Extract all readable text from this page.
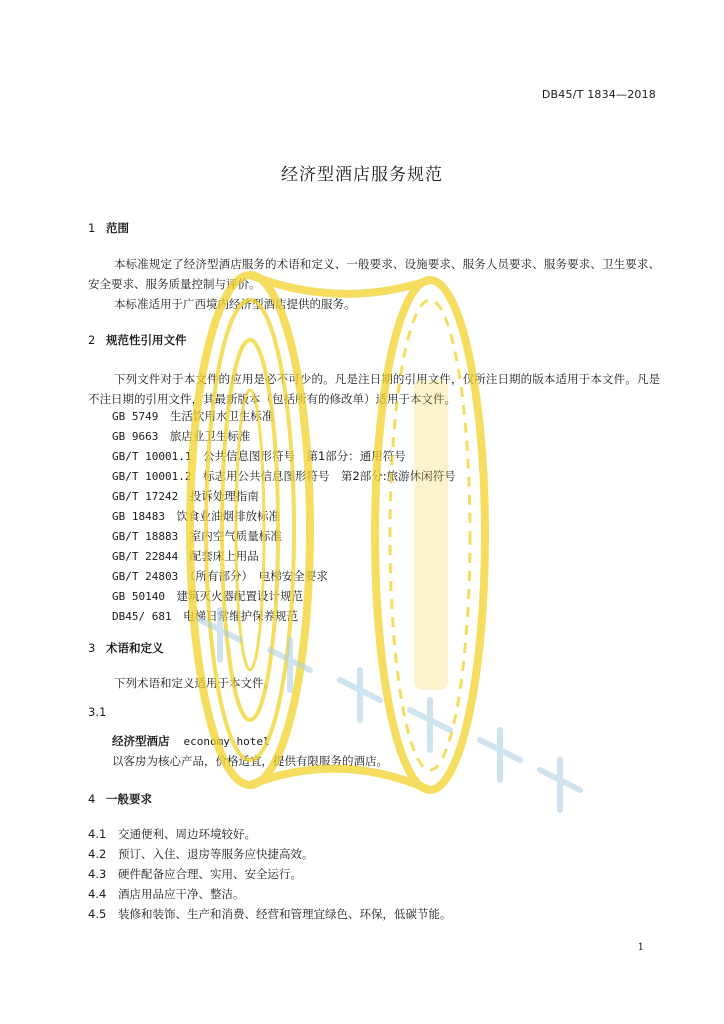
DB45/T 1834—2018
经济型酒店服务规范
1 范围
本标准规定了经济型酒店服务的术语和定义、一般要求、设施要求、服务人员要求、服务要求、卫生要求、安全要求、服务质量控制与评价。
本标准适用于广西境内经济型酒店提供的服务。
2 规范性引用文件
下列文件对于本文件的应用是必不可少的。凡是注日期的引用文件，仅所注日期的版本适用于本文件。凡是不注日期的引用文件，其最新版本（包括所有的修改单）适用于本文件。
GB 5749　 生活饮用水卫生标准
GB 9663　 旅店业卫生标准
GB/T 10001.1　 公共信息图形符号　第1部分：通用符号
GB/T 10001.2　 标志用公共信息图形符号　第2部分:旅游休闲符号
GB/T 17242　 投诉处理指南
GB 18483　 饮食业油烟排放标准
GB/T 18883　 室内空气质量标准
GB/T 22844　 配套床上用品
GB/T 24803　 （所有部分）　电梯安全要求
GB 50140　 建筑灭火器配置设计规范
DB45/ 681　 电梯日常维护保养规范
3 术语和定义
下列术语和定义适用于本文件。
3.1
经济型酒店 economy hotel
以客房为核心产品，价格适宜，提供有限服务的酒店。
4 一般要求
4.1 交通便利、周边环境较好。
4.2 预订、入住、退房等服务应快捷高效。
4.3 硬件配备应合理、实用、安全运行。
4.4 酒店用品应干净、整洁。
4.5 装修和装饰、生产和消费、经营和管理宜绿色、环保，低碳节能。
1
